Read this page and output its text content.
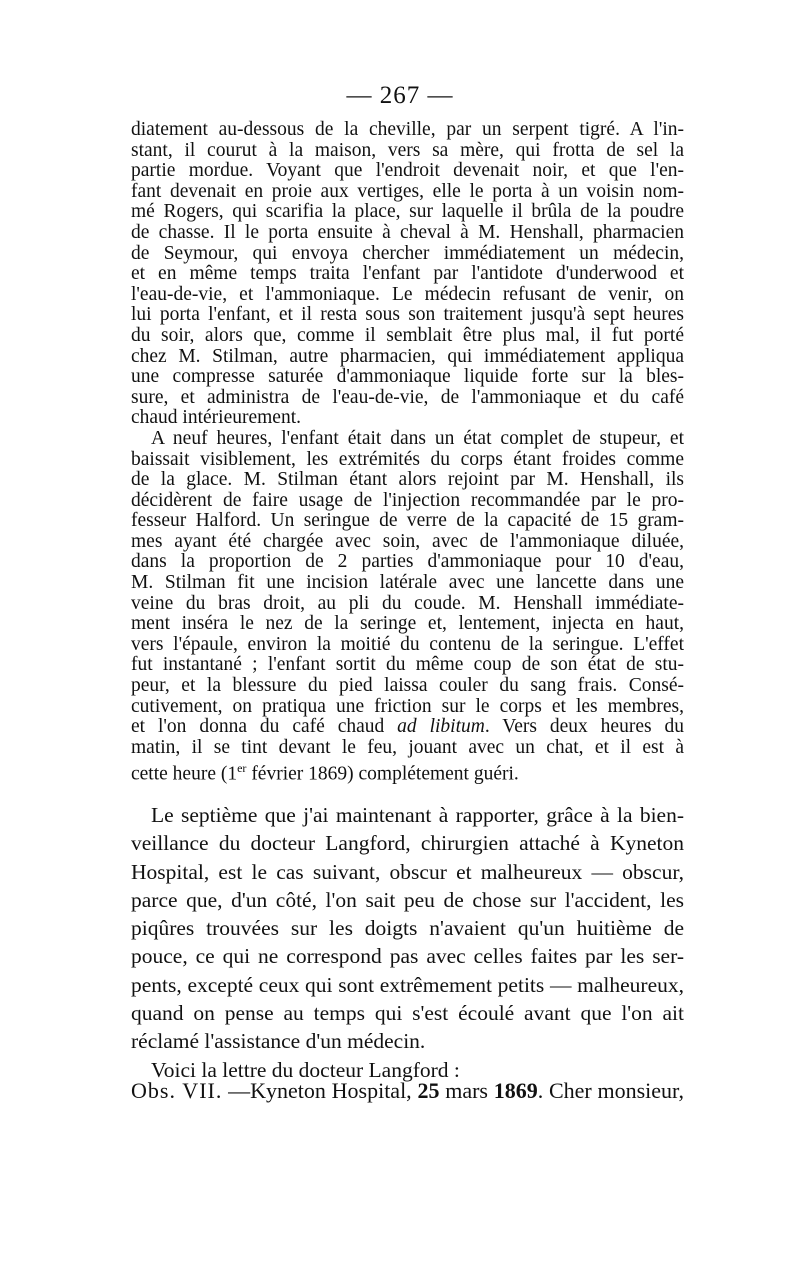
— 267 —
diatement au-dessous de la cheville, par un serpent tigré. A l'in-
stant, il courut à la maison, vers sa mère, qui frotta de sel la
partie mordue. Voyant que l'endroit devenait noir, et que l'en-
fant devenait en proie aux vertiges, elle le porta à un voisin nom-
mé Rogers, qui scarifia la place, sur laquelle il brûla de la poudre
de chasse. Il le porta ensuite à cheval à M. Henshall, pharmacien
de Seymour, qui envoya chercher immédiatement un médecin,
et en même temps traita l'enfant par l'antidote d'underwood et
l'eau-de-vie, et l'ammoniaque. Le médecin refusant de venir, on
lui porta l'enfant, et il resta sous son traitement jusqu'à sept heures
du soir, alors que, comme il semblait être plus mal, il fut porté
chez M. Stilman, autre pharmacien, qui immédiatement appliqua
une compresse saturée d'ammoniaque liquide forte sur la bles-
sure, et administra de l'eau-de-vie, de l'ammoniaque et du café
chaud intérieurement.
A neuf heures, l'enfant était dans un état complet de stupeur, et
baissait visiblement, les extrémités du corps étant froides comme
de la glace. M. Stilman étant alors rejoint par M. Henshall, ils
décidèrent de faire usage de l'injection recommandée par le pro-
fesseur Halford. Un seringue de verre de la capacité de 15 gram-
mes ayant été chargée avec soin, avec de l'ammoniaque diluée,
dans la proportion de 2 parties d'ammoniaque pour 10 d'eau,
M. Stilman fit une incision latérale avec une lancette dans une
veine du bras droit, au pli du coude. M. Henshall immédiate-
ment inséra le nez de la seringe et, lentement, injecta en haut,
vers l'épaule, environ la moitié du contenu de la seringue. L'effet
fut instantané ; l'enfant sortit du même coup de son état de stu-
peur, et la blessure du pied laissa couler du sang frais. Consé-
cutivement, on pratiqua une friction sur le corps et les membres,
et l'on donna du café chaud ad libitum. Vers deux heures du
matin, il se tint devant le feu, jouant avec un chat, et il est à
cette heure (1er février 1869) complétement guéri.
Le septième que j'ai maintenant à rapporter, grâce à la bien-
veillance du docteur Langford, chirurgien attaché à Kyneton
Hospital, est le cas suivant, obscur et malheureux — obscur,
parce que, d'un côté, l'on sait peu de chose sur l'accident, les
piqûres trouvées sur les doigts n'avaient qu'un huitième de
pouce, ce qui ne correspond pas avec celles faites par les ser-
pents, excepté ceux qui sont extrêmement petits — malheureux,
quand on pense au temps qui s'est écoulé avant que l'on ait
réclamé l'assistance d'un médecin.
Voici la lettre du docteur Langford :
Obs. VII. —Kyneton Hospital, 25 mars 1869. Cher monsieur,
